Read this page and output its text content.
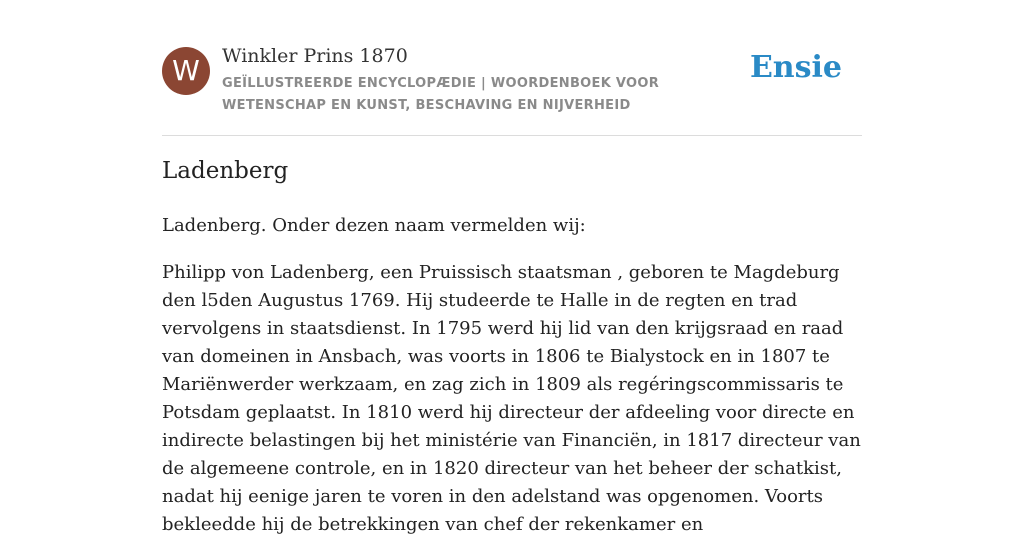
W	Winkler Prins 1870
GEÏLLUSTREERDE ENCYCLOPÆDIE | WOORDENBOEK VOOR WETENSCHAP EN KUNST, BESCHAVING EN NIJVERHEID
Ensie
Ladenberg

Ladenberg. Onder dezen naam vermelden wij:

Philipp von Ladenberg, een Pruissisch staatsman , geboren te Magdeburg den l5den Augustus 1769. Hij studeerde te Halle in de regten en trad vervolgens in staatsdienst. In 1795 werd hij lid van den krijgsraad en raad van domeinen in Ansbach, was voorts in 1806 te Bialystock en in 1807 te Mariënwerder werkzaam, en zag zich in 1809 als regéringscommissaris te Potsdam geplaatst. In 1810 werd hij directeur der afdeeling voor directe en indirecte belastingen bij het ministérie van Financiën, in 1817 directeur van de algemeene controle, en in 1820 directeur van het beheer der schatkist, nadat hij eenige jaren te voren in den adelstand was opgenomen. Voorts bekleedde hij de betrekkingen van chef der rekenkamer en
